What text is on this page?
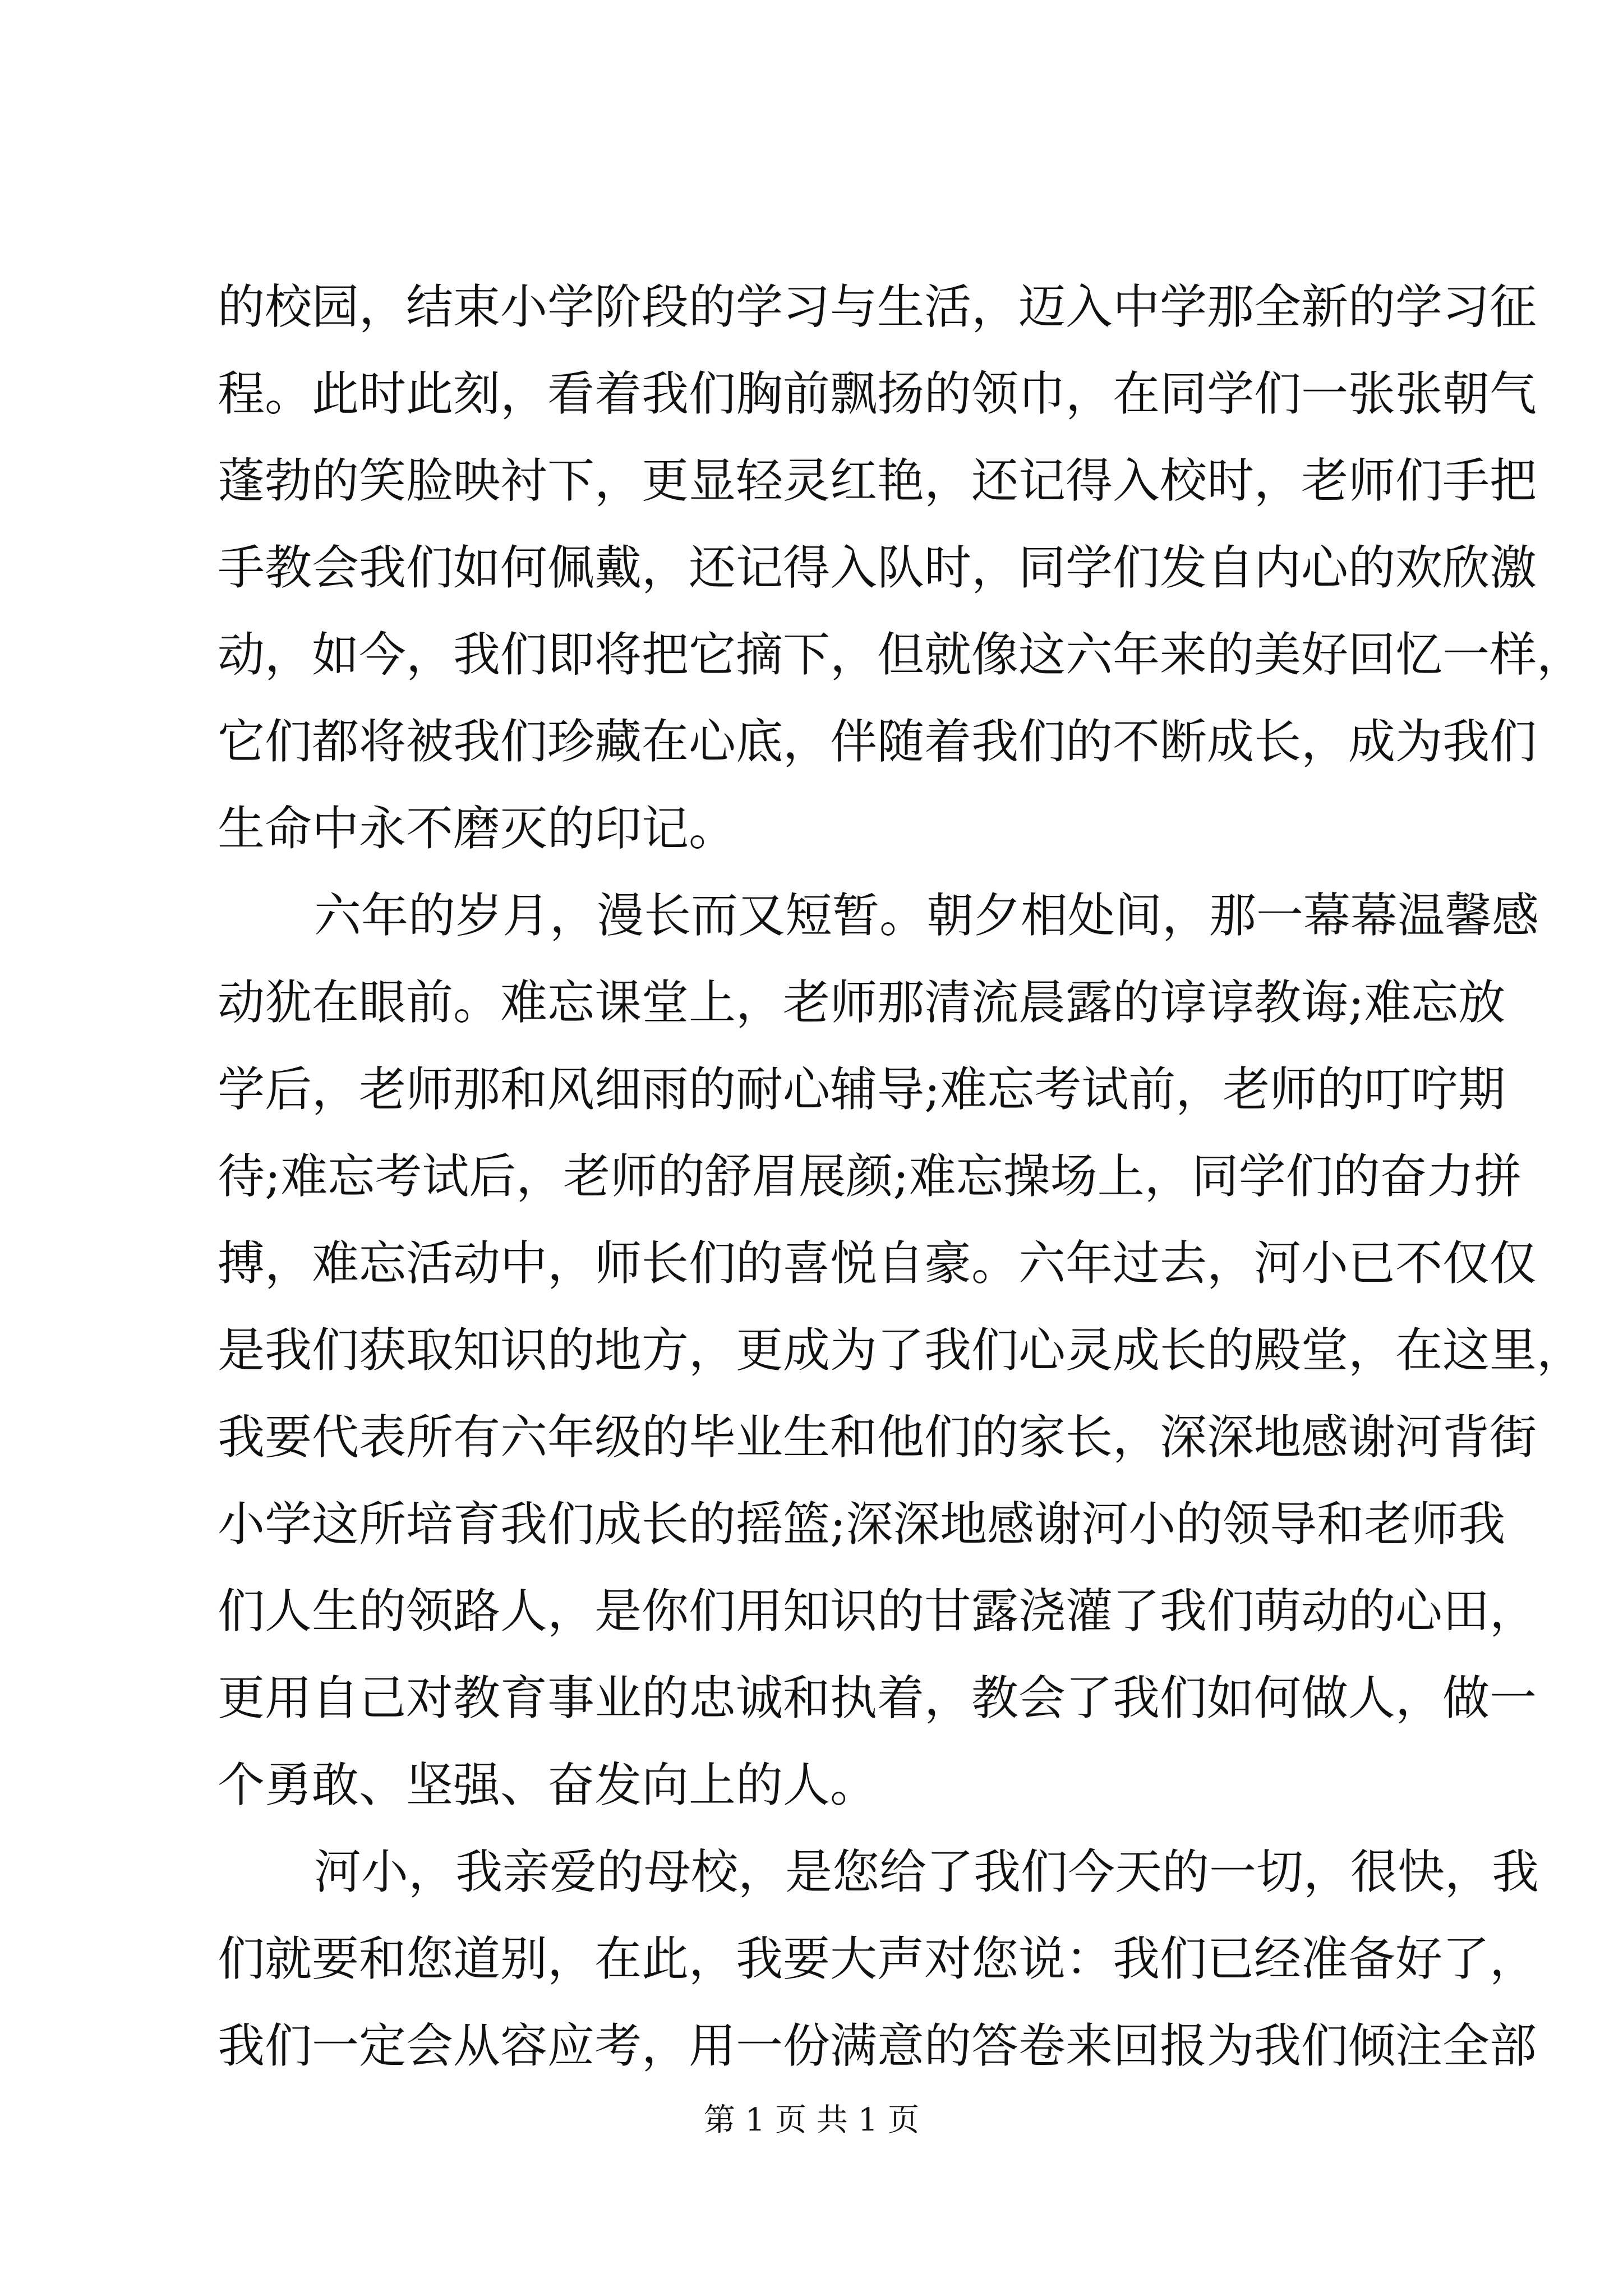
的校园，结束小学阶段的学习与生活，迈入中学那全新的学习征
程。此时此刻，看着我们胸前飘扬的领巾，在同学们一张张朝气
蓬勃的笑脸映衬下，更显轻灵红艳，还记得入校时，老师们手把
手教会我们如何佩戴，还记得入队时，同学们发自内心的欢欣激
动，如今，我们即将把它摘下，但就像这六年来的美好回忆一样，
它们都将被我们珍藏在心底，伴随着我们的不断成长，成为我们
生命中永不磨灭的印记。
六年的岁月，漫长而又短暂。朝夕相处间，那一幕幕温馨感
动犹在眼前。难忘课堂上，老师那清流晨露的谆谆教诲;难忘放
学后，老师那和风细雨的耐心辅导;难忘考试前，老师的叮咛期
待;难忘考试后，老师的舒眉展颜;难忘操场上，同学们的奋力拼
搏，难忘活动中，师长们的喜悦自豪。六年过去，河小已不仅仅
是我们获取知识的地方，更成为了我们心灵成长的殿堂，在这里，
我要代表所有六年级的毕业生和他们的家长，深深地感谢河背街
小学这所培育我们成长的摇篮;深深地感谢河小的领导和老师我
们人生的领路人，是你们用知识的甘露浇灌了我们萌动的心田，
更用自己对教育事业的忠诚和执着，教会了我们如何做人，做一
个勇敢、坚强、奋发向上的人。
河小，我亲爱的母校，是您给了我们今天的一切，很快，我
们就要和您道别，在此，我要大声对您说：我们已经准备好了，
我们一定会从容应考，用一份满意的答卷来回报为我们倾注全部
第 1 页 共 1 页
